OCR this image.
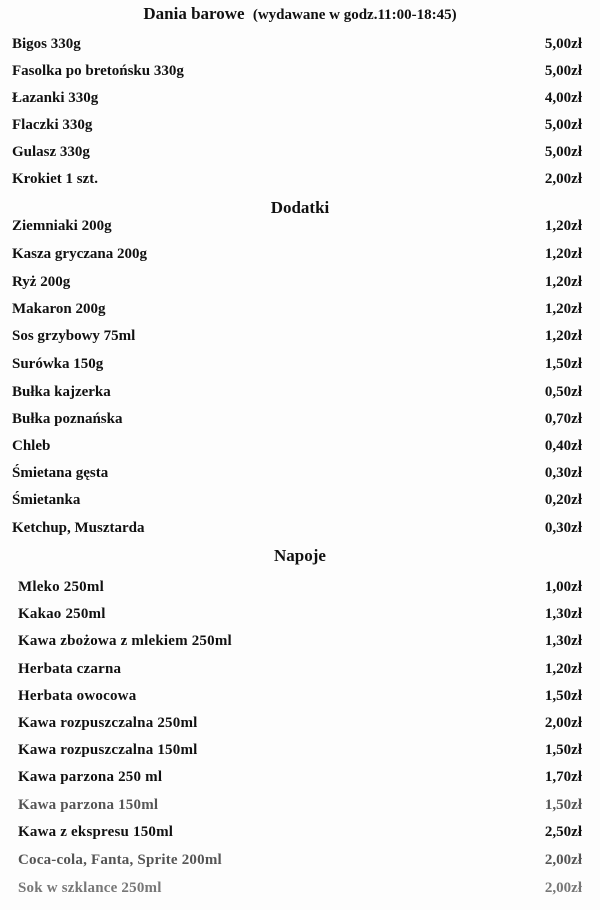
Dania barowe (wydawane w godz.11:00-18:45)
Bigos 330g	5,00zł
Fasolka po bretońsku 330g	5,00zł
Łazanki 330g	4,00zł
Flaczki 330g	5,00zł
Gulasz 330g	5,00zł
Krokiet 1 szt.	2,00zł
Dodatki
Ziemniaki 200g	1,20zł
Kasza gryczana 200g	1,20zł
Ryż 200g	1,20zł
Makaron 200g	1,20zł
Sos grzybowy 75ml	1,20zł
Surówka 150g	1,50zł
Bułka kajzerka	0,50zł
Bułka poznańska	0,70zł
Chleb	0,40zł
Śmietana gęsta	0,30zł
Śmietanka	0,20zł
Ketchup, Musztarda	0,30zł
Napoje
Mleko 250ml	1,00zł
Kakao 250ml	1,30zł
Kawa zbożowa z mlekiem 250ml	1,30zł
Herbata czarna	1,20zł
Herbata owocowa	1,50zł
Kawa rozpuszczalna 250ml	2,00zł
Kawa rozpuszczalna 150ml	1,50zł
Kawa parzona 250 ml	1,70zł
Kawa parzona 150ml	1,50zł
Kawa z ekspresu 150ml	2,50zł
Coca-cola, Fanta, Sprite 200ml	2,00zł
Sok w szklance 250ml	2,00zł
